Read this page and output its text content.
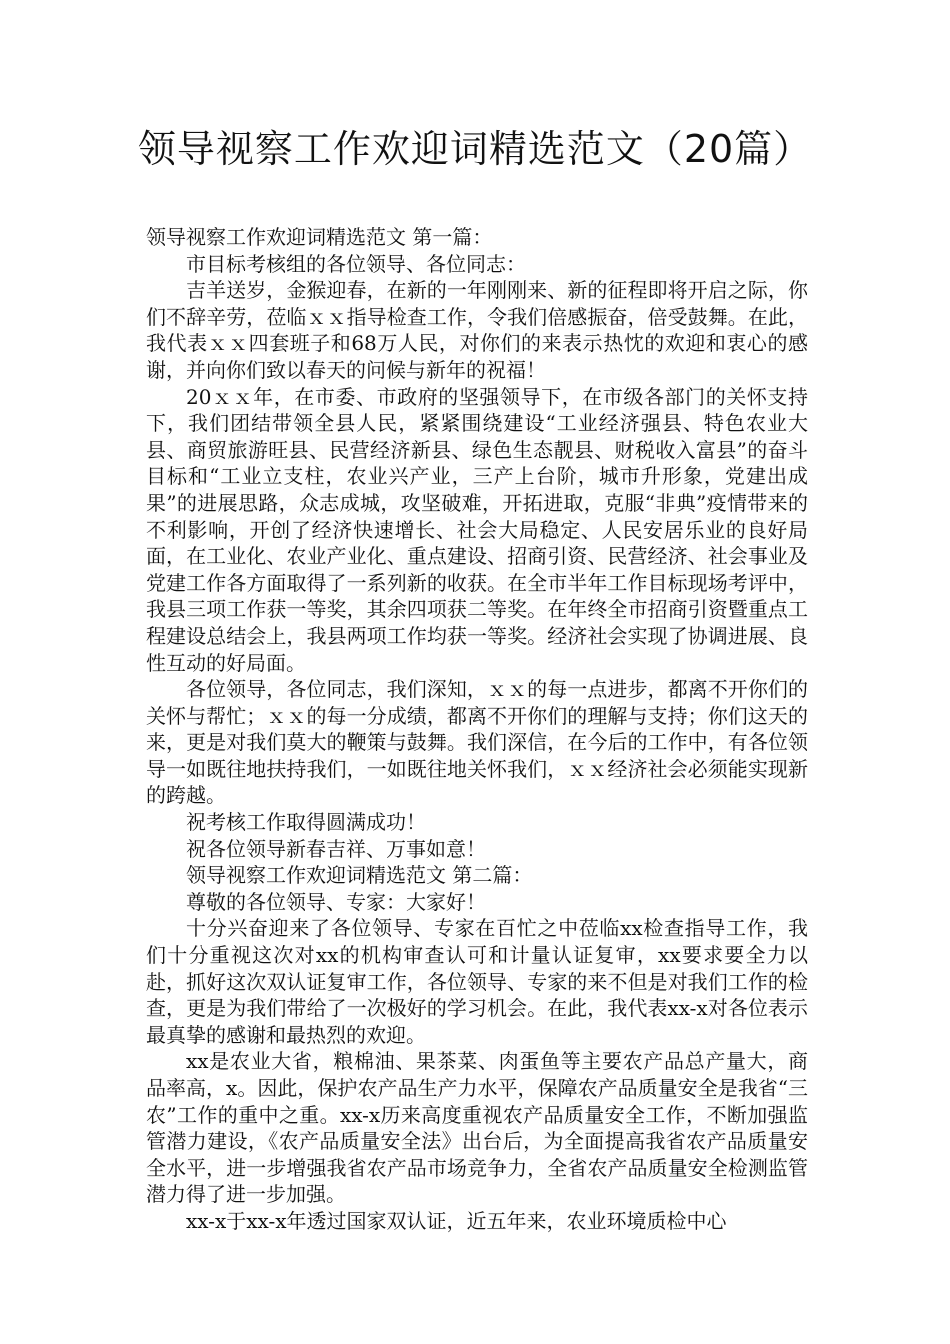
领导视察工作欢迎词精选范文（20篇）

领导视察工作欢迎词精选范文 第一篇：

市目标考核组的各位领导、各位同志：

吉羊送岁，金猴迎春，在新的一年刚刚来、新的征程即将开启之际，你们不辞辛劳，莅临ｘｘ指导检查工作，令我们倍感振奋，倍受鼓舞。在此，我代表ｘｘ四套班子和68万人民，对你们的来表示热忱的欢迎和衷心的感谢，并向你们致以春天的问候与新年的祝福！

20ｘｘ年，在市委、市政府的坚强领导下，在市级各部门的关怀支持下，我们团结带领全县人民，紧紧围绕建设“工业经济强县、特色农业大县、商贸旅游旺县、民营经济新县、绿色生态靓县、财税收入富县”的奋斗目标和“工业立支柱，农业兴产业，三产上台阶，城市升形象，党建出成果”的进展思路，众志成城，攻坚破难，开拓进取，克服“非典”疫情带来的不利影响，开创了经济快速增长、社会大局稳定、人民安居乐业的良好局面，在工业化、农业产业化、重点建设、招商引资、民营经济、社会事业及党建工作各方面取得了一系列新的收获。在全市半年工作目标现场考评中，我县三项工作获一等奖，其余四项获二等奖。在年终全市招商引资暨重点工程建设总结会上，我县两项工作均获一等奖。经济社会实现了协调进展、良性互动的好局面。

各位领导，各位同志，我们深知，ｘｘ的每一点进步，都离不开你们的关怀与帮忙；ｘｘ的每一分成绩，都离不开你们的理解与支持；你们这天的来，更是对我们莫大的鞭策与鼓舞。我们深信，在今后的工作中，有各位领导一如既往地扶持我们，一如既往地关怀我们，ｘｘ经济社会必须能实现新的跨越。

祝考核工作取得圆满成功！

祝各位领导新春吉祥、万事如意！

领导视察工作欢迎词精选范文 第二篇：

尊敬的各位领导、专家：大家好！

十分兴奋迎来了各位领导、专家在百忙之中莅临xx检查指导工作，我们十分重视这次对xx的机构审查认可和计量认证复审，xx要求要全力以赴，抓好这次双认证复审工作，各位领导、专家的来不但是对我们工作的检查，更是为我们带给了一次极好的学习机会。在此，我代表xx-x对各位表示最真挚的感谢和最热烈的欢迎。

xx是农业大省，粮棉油、果茶菜、肉蛋鱼等主要农产品总产量大，商品率高，x。因此，保护农产品生产力水平，保障农产品质量安全是我省“三农”工作的重中之重。xx-x历来高度重视农产品质量安全工作，不断加强监管潜力建设，《农产品质量安全法》出台后，为全面提高我省农产品质量安全水平，进一步增强我省农产品市场竞争力，全省农产品质量安全检测监管潜力得了进一步加强。

xx-x于xx-x年透过国家双认证，近五年来，农业环境质检中心
